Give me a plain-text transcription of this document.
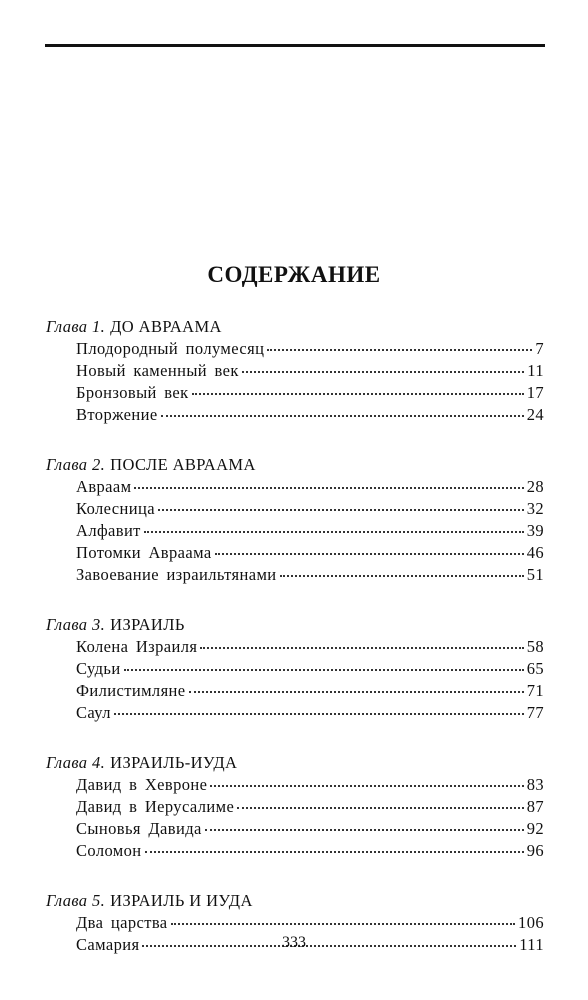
СОДЕРЖАНИЕ
Глава 1. ДО АВРААМА
Плодородный полумесяц	7
Новый каменный век	11
Бронзовый век	17
Вторжение	24
Глава 2. ПОСЛЕ АВРААМА
Авраам	28
Колесница	32
Алфавит	39
Потомки Авраама	46
Завоевание израильтянами	51
Глава 3. ИЗРАИЛЬ
Колена Израиля	58
Судьи	65
Филистимляне	71
Саул	77
Глава 4. ИЗРАИЛЬ-ИУДА
Давид в Хевроне	83
Давид в Иерусалиме	87
Сыновья Давида	92
Соломон	96
Глава 5. ИЗРАИЛЬ И ИУДА
Два царства	106
Самария	111
333
